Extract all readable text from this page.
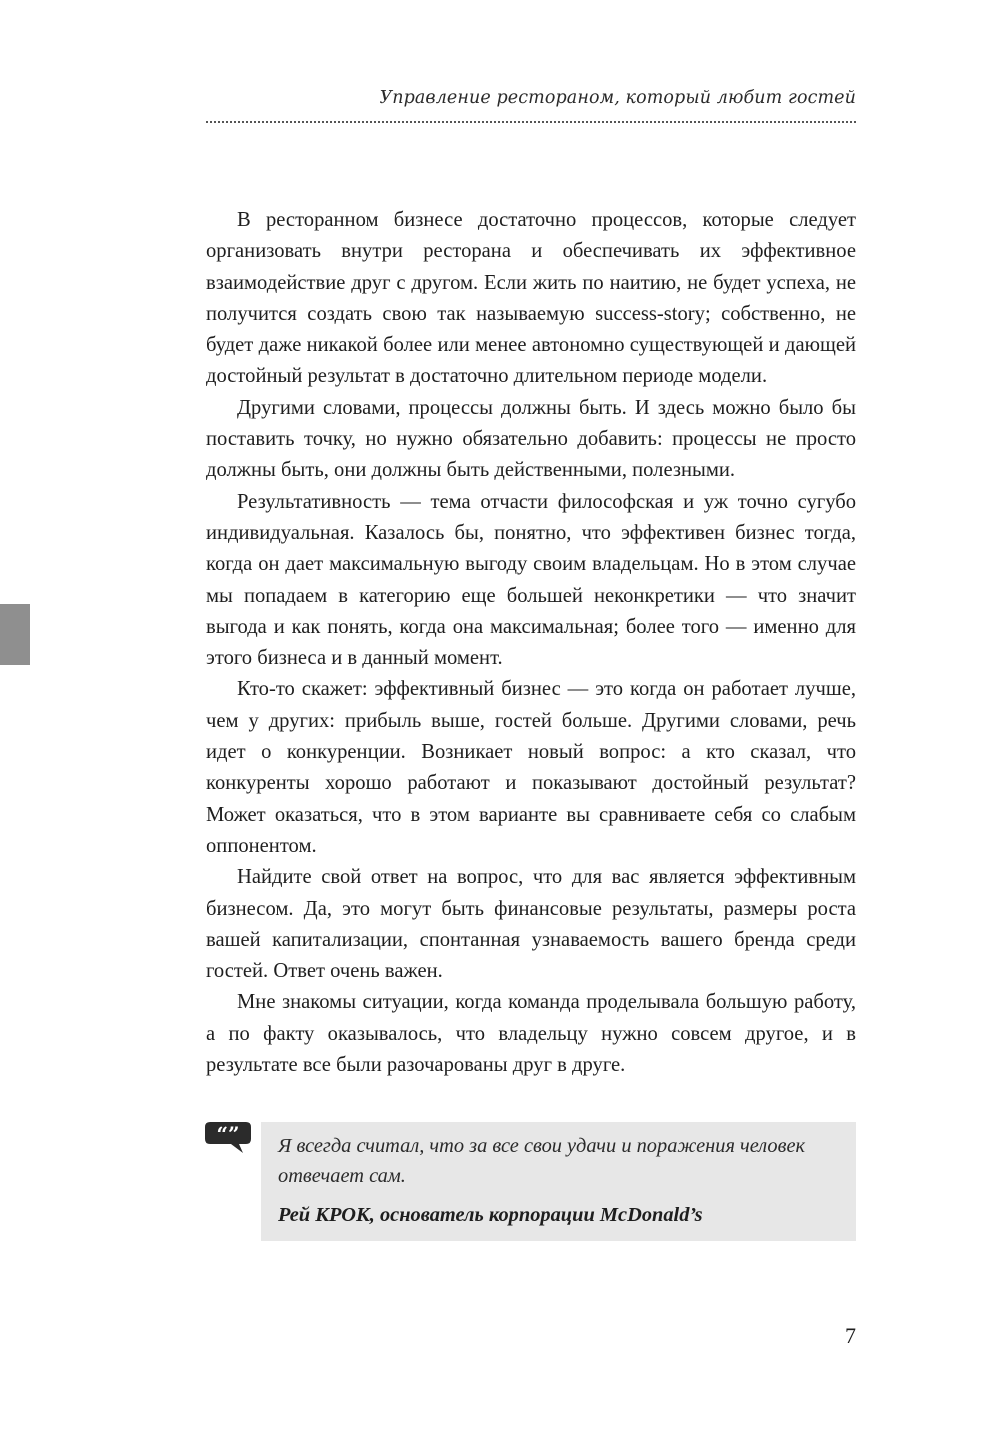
Управление рестораном, который любит гостей

В ресторанном бизнесе достаточно процессов, которые следует организовать внутри ресторана и обеспечивать их эффективное взаимодействие друг с другом. Если жить по наитию, не будет успеха, не получится создать свою так называемую success-story; собственно, не будет даже никакой более или менее автономно существующей и дающей достойный результат в достаточно длительном периоде модели.

Другими словами, процессы должны быть. И здесь можно было бы поставить точку, но нужно обязательно добавить: процессы не просто должны быть, они должны быть действенными, полезными.

Результативность — тема отчасти философская и уж точно сугубо индивидуальная. Казалось бы, понятно, что эффективен бизнес тогда, когда он дает максимальную выгоду своим владельцам. Но в этом случае мы попадаем в категорию еще большей неконкретики — что значит выгода и как понять, когда она максимальная; более того — именно для этого бизнеса и в данный момент.

Кто-то скажет: эффективный бизнес — это когда он работает лучше, чем у других: прибыль выше, гостей больше. Другими словами, речь идет о конкуренции. Возникает новый вопрос: а кто сказал, что конкуренты хорошо работают и показывают достойный результат? Может оказаться, что в этом варианте вы сравниваете себя со слабым оппонентом.

Найдите свой ответ на вопрос, что для вас является эффективным бизнесом. Да, это могут быть финансовые результаты, размеры роста вашей капитализации, спонтанная узнаваемость вашего бренда среди гостей. Ответ очень важен.

Мне знакомы ситуации, когда команда проделывала большую работу, а по факту оказывалось, что владельцу нужно совсем другое, и в результате все были разочарованы друг в друге.

“” Я всегда считал, что за все свои удачи и поражения человек отвечает сам.

Рей КРОК, основатель корпорации McDonald’s

7
